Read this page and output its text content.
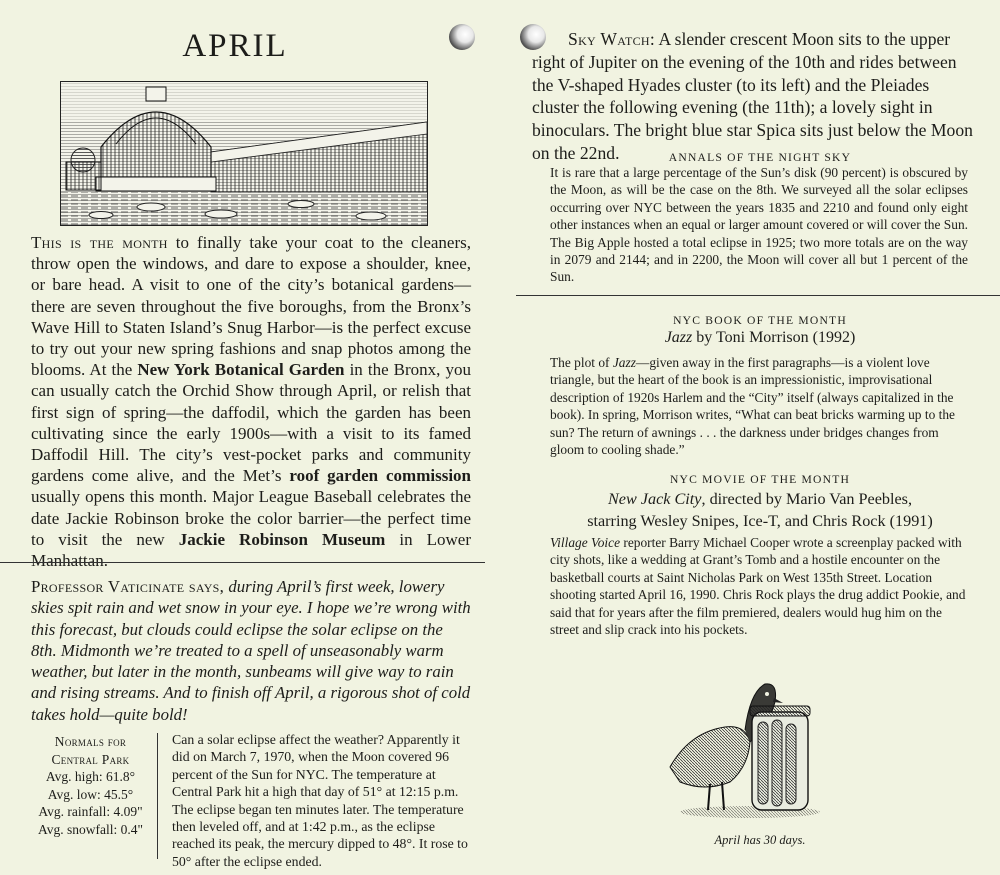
APRIL

This is the month to finally take your coat to the cleaners, throw open the windows, and dare to expose a shoulder, knee, or bare head. A visit to one of the city’s botanical gardens—there are seven throughout the five boroughs, from the Bronx’s Wave Hill to Staten Island’s Snug Harbor—is the perfect excuse to try out your new spring fashions and snap photos among the blooms. At the New York Botanical Garden in the Bronx, you can usually catch the Orchid Show through April, or relish that first sign of spring—the daffodil, which the garden has been cultivating since the early 1900s—with a visit to its famed Daffodil Hill. The city’s vest-pocket parks and community gardens come alive, and the Met’s roof garden commission usually opens this month. Major League Baseball celebrates the date Jackie Robinson broke the color barrier—the perfect time to visit the new Jackie Robinson Museum in Lower Manhattan.

Professor Vaticinate says, during April’s first week, lowery skies spit rain and wet snow in your eye. I hope we’re wrong with this forecast, but clouds could eclipse the solar eclipse on the 8th. Midmonth we’re treated to a spell of unseasonably warm weather, but later in the month, sunbeams will give way to rain and rising streams. And to finish off April, a rigorous shot of cold takes hold—quite bold!

Normals for
Central Park
Avg. high: 61.8°
Avg. low: 45.5°
Avg. rainfall: 4.09"
Avg. snowfall: 0.4"

Can a solar eclipse affect the weather? Apparently it did on March 7, 1970, when the Moon covered 96 percent of the Sun for NYC. The temperature at Central Park hit a high that day of 51° at 12:15 p.m. The eclipse began ten minutes later. The temperature then leveled off, and at 1:42 p.m., as the eclipse reached its peak, the mercury dipped to 48°. It rose to 50° after the eclipse ended.

Sky Watch: A slender crescent Moon sits to the upper right of Jupiter on the evening of the 10th and rides between the V-shaped Hyades cluster (to its left) and the Pleiades cluster the following evening (the 11th); a lovely sight in binoculars. The bright blue star Spica sits just below the Moon on the 22nd.	ANNALS OF THE NIGHT SKY

It is rare that a large percentage of the Sun’s disk (90 percent) is obscured by the Moon, as will be the case on the 8th. We surveyed all the solar eclipses occurring over NYC between the years 1835 and 2210 and found only eight other instances when an equal or larger amount covered or will cover the Sun. The Big Apple hosted a total eclipse in 1925; two more totals are on the way in 2079 and 2144; and in 2200, the Moon will cover all but 1 percent of the Sun.

NYC BOOK OF THE MONTH
Jazz by Toni Morrison (1992)

The plot of Jazz—given away in the first paragraphs—is a violent love triangle, but the heart of the book is an impressionistic, improvisational description of 1920s Harlem and the “City” itself (always capitalized in the book). In spring, Morrison writes, “What can beat bricks warming up to the sun? The return of awnings . . . the darkness under bridges changes from gloom to cooling shade.”

NYC MOVIE OF THE MONTH
New Jack City, directed by Mario Van Peebles,
starring Wesley Snipes, Ice-T, and Chris Rock (1991)

Village Voice reporter Barry Michael Cooper wrote a screenplay packed with city shots, like a wedding at Grant’s Tomb and a hostile encounter on the basketball courts at Saint Nicholas Park on West 135th Street. Location shooting started April 16, 1990. Chris Rock plays the drug addict Pookie, and said that for years after the film premiered, dealers would hug him on the street and slip crack into his pockets.

April has 30 days.
